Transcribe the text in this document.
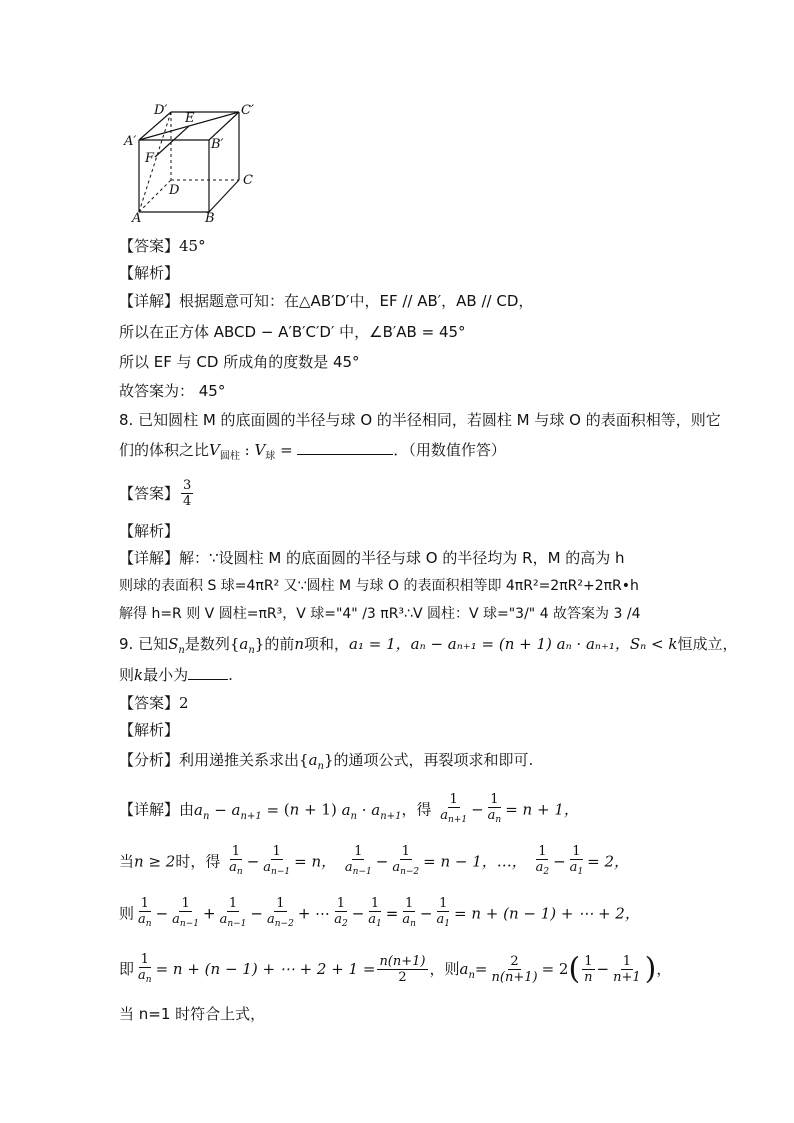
D′	C′
E
A′	B′
F
D
C
A	B
【答案】45°
【解析】
【详解】根据题意可知：在△AB′D′中，EF // AB′，AB // CD，
所以在正方体 ABCD − A′B′C′D′ 中，∠B′AB = 45°
所以 EF 与 CD 所成角的度数是 45°
故答案为： 45°
8. 已知圆柱 M 的底面圆的半径与球 O 的半径相同，若圆柱 M 与球 O 的表面积相等，则它
们的体积之比$V_{圆柱}$ : $V_球$ =	．（用数值作答）
【答案】 $\frac{3}{4}$
【解析】
【详解】解：∵设圆柱 M 的底面圆的半径与球 O 的半径均为 R，M 的高为 h
则球的表面积 S 球=4πR² 又∵圆柱 M 与球 O 的表面积相等即 4πR²=2πR²+2πR•h
解得 h=R 则 V 圆柱=πR³，V 球="4" /3 πR³∴V 圆柱：V 球="3/" 4 故答案为 3 /4
9. 已知$S_n$是数列$\{a_n\}$的前n项和，a₁ = 1，aₙ − aₙ₊₁ = (n + 1) aₙ · aₙ₊₁，Sₙ < k恒成立，
则k最小为	.
【答案】2
【解析】
【分析】利用递推关系求出$\{a_n\}$的通项公式，再裂项求和即可.
【详解】由$a_n - a_{n+1} = (n + 1) a_n \cdot a_{n+1}$，得 $\frac{1}{a_{n+1}} - \frac{1}{a_n} = n + 1$，
当n ≥ 2时，得 $\frac{1}{a_n} - \frac{1}{a_{n-1}} = n$， $\frac{1}{a_{n-1}} - \frac{1}{a_{n-2}} = n - 1$，…， $\frac{1}{a_2} - \frac{1}{a_1} = 2$，
则 $\frac{1}{a_n} - \frac{1}{a_{n-1}} + \frac{1}{a_{n-1}} - \frac{1}{a_{n-2}}$ + ⋯ $\frac{1}{a_2} - \frac{1}{a_1} = \frac{1}{a_n} - \frac{1}{a_1} = n + (n - 1)$ + ⋯ + 2，
即 $\frac{1}{a_n} = n + (n - 1)$ + ⋯ + $2 + 1 = \frac{n(n+1)}{2}$ ，则$a_n= \frac{2}{n(n+1)} = 2( \frac{1}{n} - \frac{1}{n+1}$ )，
当 n=1 时符合上式，
